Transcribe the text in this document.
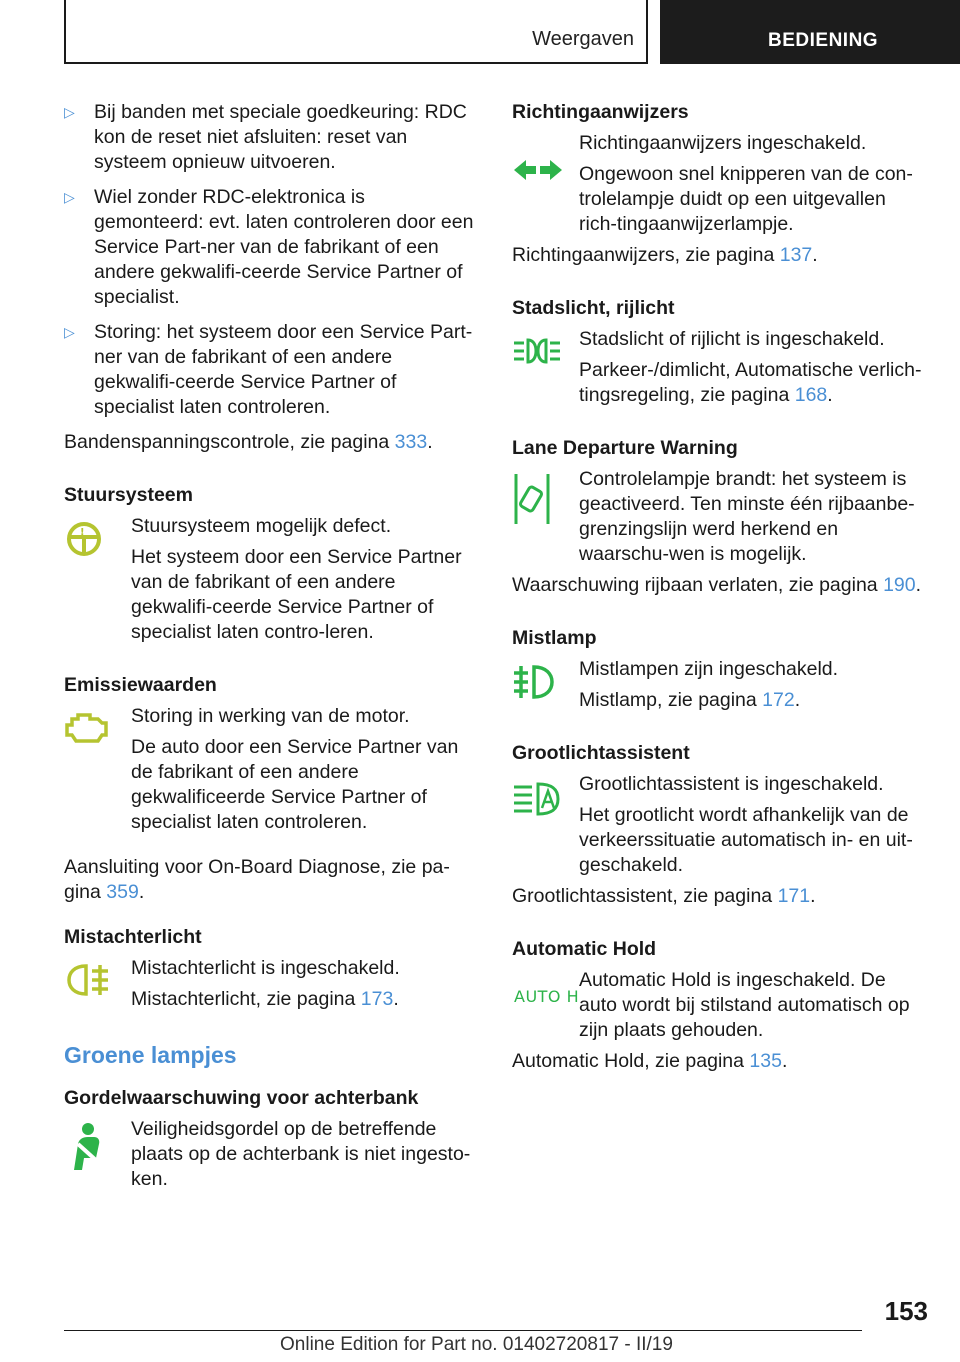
Weergaven	BEDIENING

▷ Bij banden met speciale goedkeuring: RDC kon de reset niet afsluiten: reset van systeem opnieuw uitvoeren.

▷ Wiel zonder RDC-elektronica is gemonteerd: evt. laten controleren door een Service Part-ner van de fabrikant of een andere gekwalifi-ceerde Service Partner of specialist.

▷ Storing: het systeem door een Service Part-ner van de fabrikant of een andere gekwalifi-ceerde Service Partner of specialist laten controleren.

Bandenspanningscontrole, zie pagina 333.

Stuursysteem
!	Stuursysteem mogelijk defect.

Het systeem door een Service Partner van de fabrikant of een andere gekwalifi-ceerde Service Partner of specialist laten contro-leren.

Emissiewaarden

Storing in werking van de motor.

De auto door een Service Partner van de fabrikant of een andere gekwalificeerde Service Partner of specialist laten controleren.

Aansluiting voor On-Board Diagnose, zie pa-gina 359.

Mistachterlicht

Mistachterlicht is ingeschakeld.

Mistachterlicht, zie pagina 173.

Groene lampjes
Gordelwaarschuwing voor achterbank

Veiligheidsgordel op de betreffende plaats op de achterbank is niet ingesto-ken.

Richtingaanwijzers

Richtingaanwijzers ingeschakeld.

Ongewoon snel knipperen van de con-trolelampje duidt op een uitgevallen rich-tingaanwijzerlampje.

Richtingaanwijzers, zie pagina 137.

Stadslicht, rijlicht

Stadslicht of rijlicht is ingeschakeld.

Parkeer-/dimlicht, Automatische verlich-tingsregeling, zie pagina 168.

Lane Departure Warning

Controlelampje brandt: het systeem is geactiveerd. Ten minste één rijbaanbe-grenzingslijn werd herkend en waarschu-wen is mogelijk.

Waarschuwing rijbaan verlaten, zie pagina 190.

Mistlamp

Mistlampen zijn ingeschakeld.

Mistlamp, zie pagina 172.

Grootlichtassistent

Grootlichtassistent is ingeschakeld.

Het grootlicht wordt afhankelijk van de verkeerssituatie automatisch in- en uit-geschakeld.

Grootlichtassistent, zie pagina 171.

Automatic Hold
AUTO H

Automatic Hold is ingeschakeld. De auto wordt bij stilstand automatisch op zijn plaats gehouden.

Automatic Hold, zie pagina 135.

153
Online Edition for Part no. 01402720817 - II/19
